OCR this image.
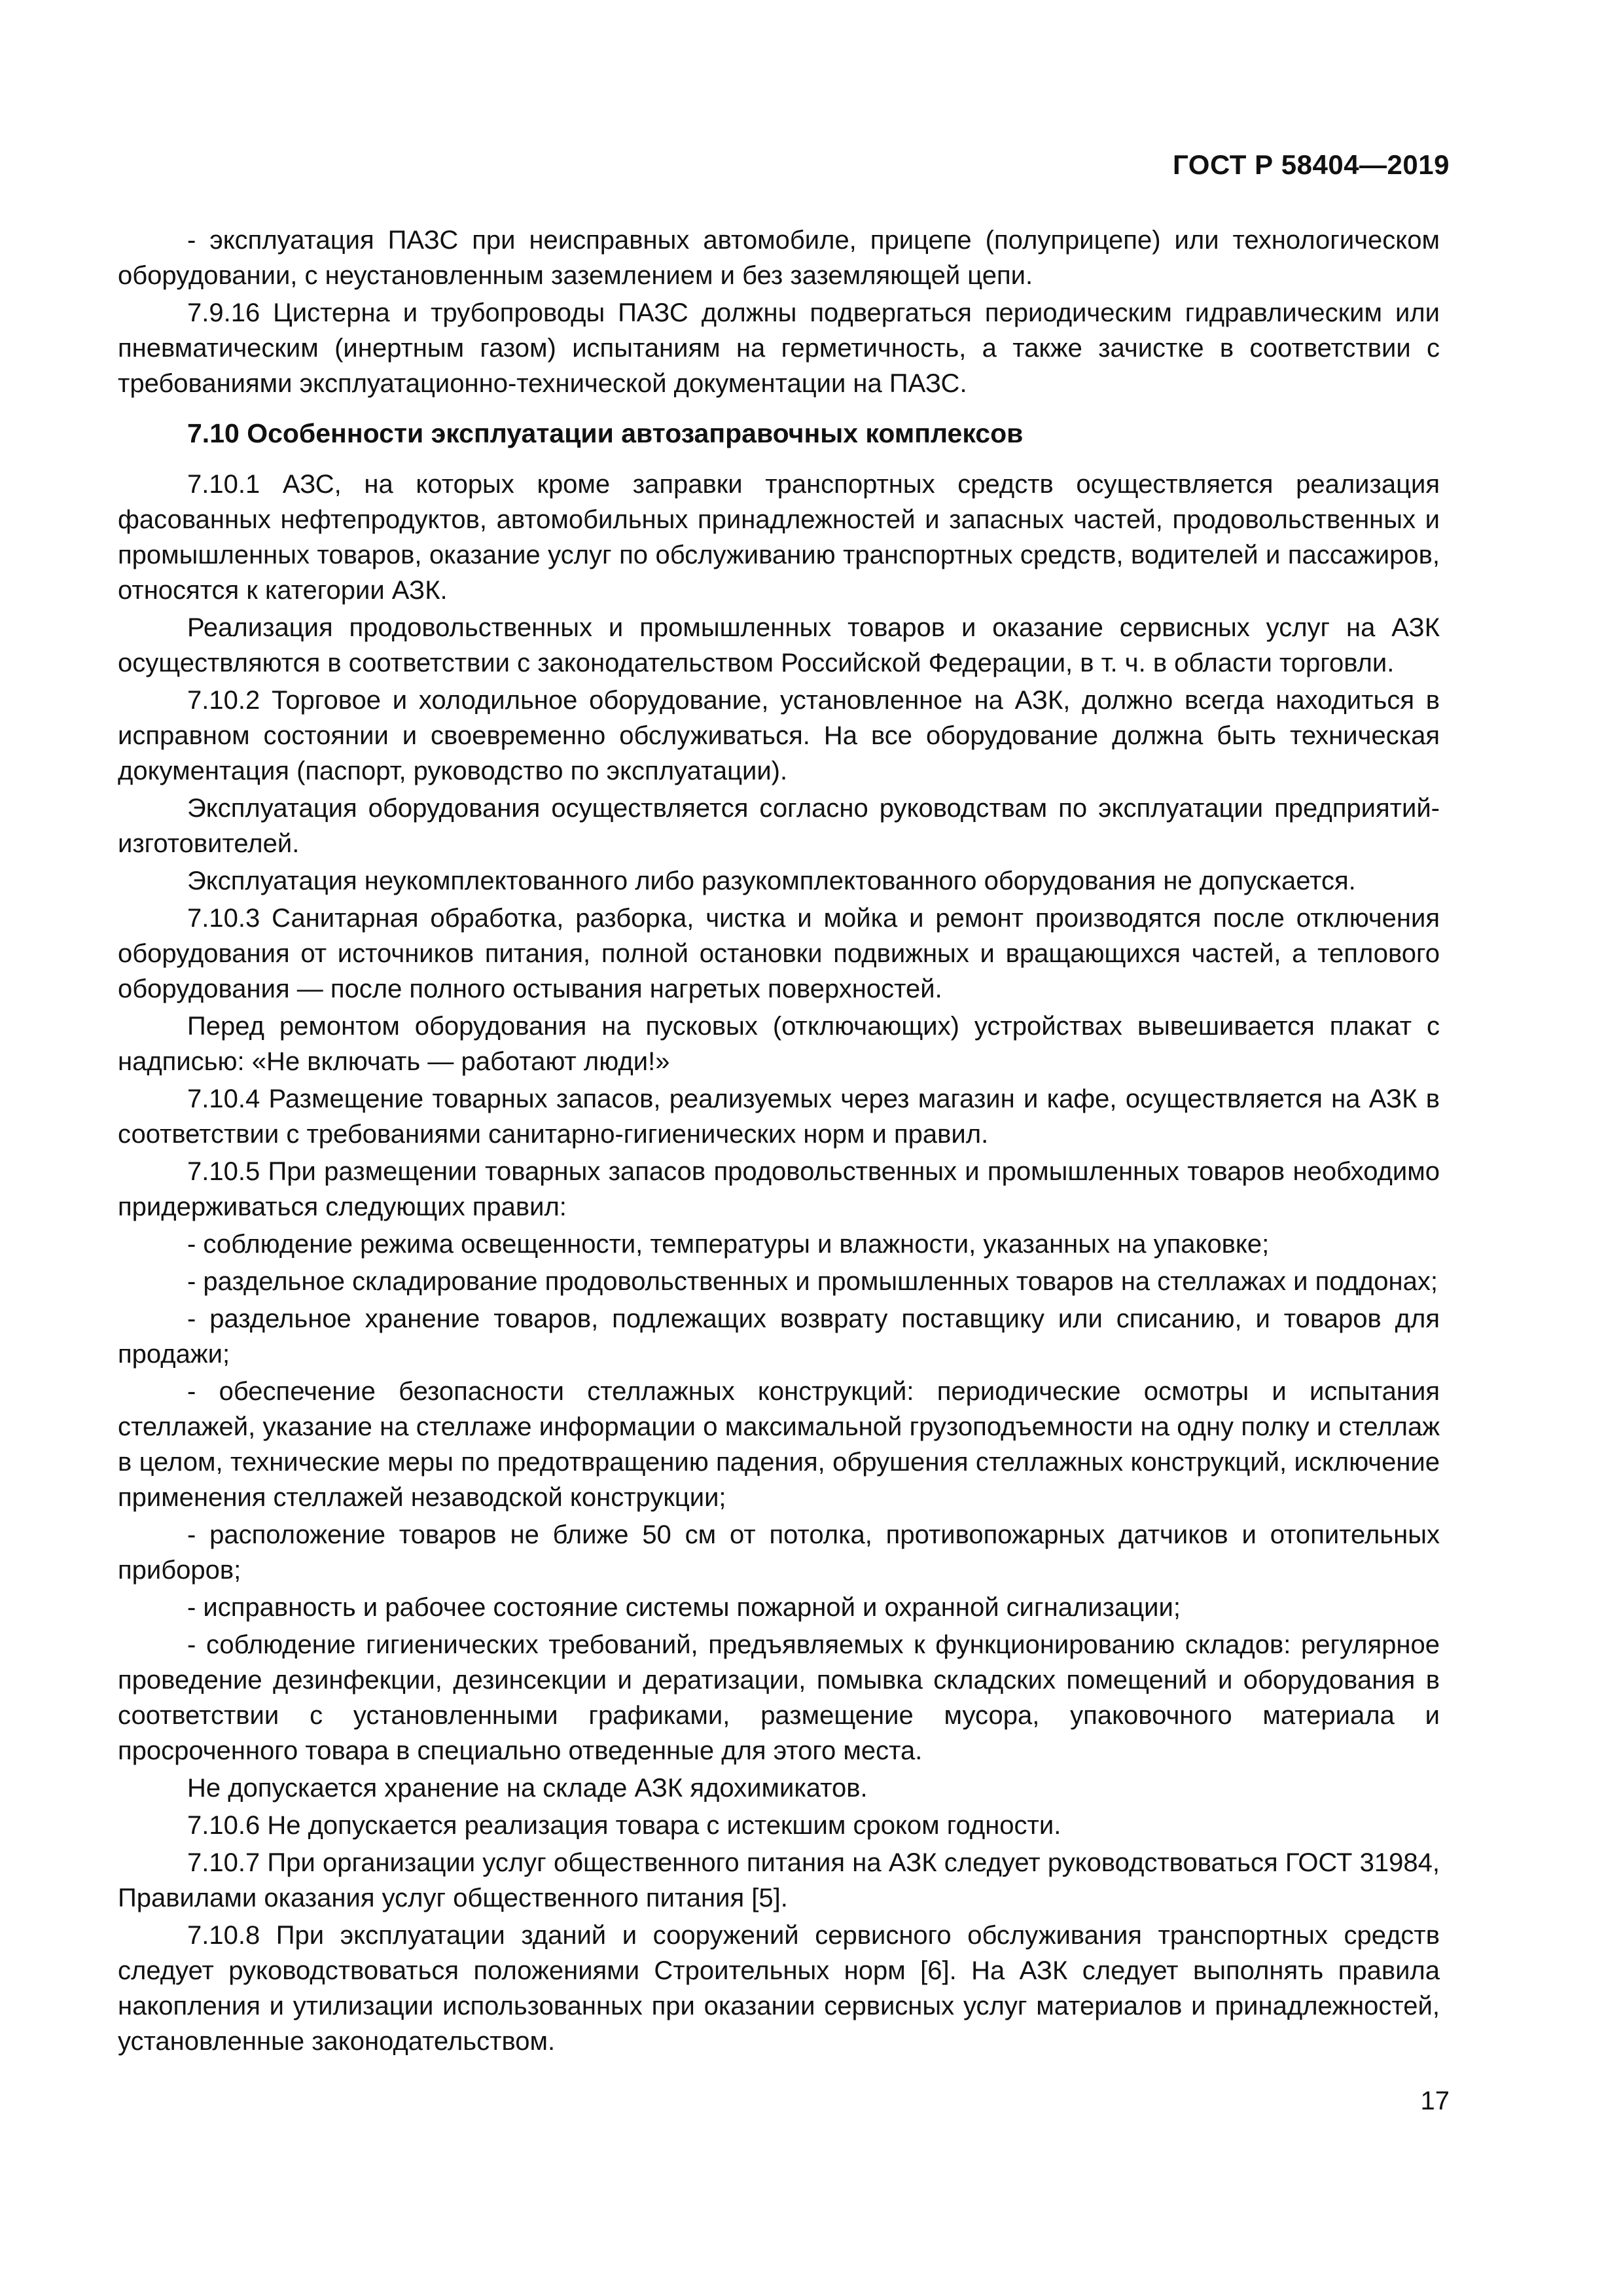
ГОСТ Р 58404—2019

- эксплуатация ПАЗС при неисправных автомобиле, прицепе (полуприцепе) или технологическом оборудовании, с неустановленным заземлением и без заземляющей цепи.

7.9.16 Цистерна и трубопроводы ПАЗС должны подвергаться периодическим гидравлическим или пневматическим (инертным газом) испытаниям на герметичность, а также зачистке в соответствии с требованиями эксплуатационно-технической документации на ПАЗС.

7.10 Особенности эксплуатации автозаправочных комплексов

7.10.1 АЗС, на которых кроме заправки транспортных средств осуществляется реализация фасованных нефтепродуктов, автомобильных принадлежностей и запасных частей, продовольственных и промышленных товаров, оказание услуг по обслуживанию транспортных средств, водителей и пассажиров, относятся к категории АЗК.

Реализация продовольственных и промышленных товаров и оказание сервисных услуг на АЗК осуществляются в соответствии с законодательством Российской Федерации, в т. ч. в области торговли.

7.10.2 Торговое и холодильное оборудование, установленное на АЗК, должно всегда находиться в исправном состоянии и своевременно обслуживаться. На все оборудование должна быть техническая документация (паспорт, руководство по эксплуатации).

Эксплуатация оборудования осуществляется согласно руководствам по эксплуатации предприятий-изготовителей.

Эксплуатация неукомплектованного либо разукомплектованного оборудования не допускается.

7.10.3 Санитарная обработка, разборка, чистка и мойка и ремонт производятся после отключения оборудования от источников питания, полной остановки подвижных и вращающихся частей, а теплового оборудования — после полного остывания нагретых поверхностей.

Перед ремонтом оборудования на пусковых (отключающих) устройствах вывешивается плакат с надписью: «Не включать — работают люди!»

7.10.4 Размещение товарных запасов, реализуемых через магазин и кафе, осуществляется на АЗК в соответствии с требованиями санитарно-гигиенических норм и правил.

7.10.5 При размещении товарных запасов продовольственных и промышленных товаров необходимо придерживаться следующих правил:

- соблюдение режима освещенности, температуры и влажности, указанных на упаковке;

- раздельное складирование продовольственных и промышленных товаров на стеллажах и поддонах;

- раздельное хранение товаров, подлежащих возврату поставщику или списанию, и товаров для продажи;

- обеспечение безопасности стеллажных конструкций: периодические осмотры и испытания стеллажей, указание на стеллаже информации о максимальной грузоподъемности на одну полку и стеллаж в целом, технические меры по предотвращению падения, обрушения стеллажных конструкций, исключение применения стеллажей незаводской конструкции;

- расположение товаров не ближе 50 см от потолка, противопожарных датчиков и отопительных приборов;

- исправность и рабочее состояние системы пожарной и охранной сигнализации;

- соблюдение гигиенических требований, предъявляемых к функционированию складов: регулярное проведение дезинфекции, дезинсекции и дератизации, помывка складских помещений и оборудования в соответствии с установленными графиками, размещение мусора, упаковочного материала и просроченного товара в специально отведенные для этого места.

Не допускается хранение на складе АЗК ядохимикатов.

7.10.6 Не допускается реализация товара с истекшим сроком годности.

7.10.7 При организации услуг общественного питания на АЗК следует руководствоваться ГОСТ 31984, Правилами оказания услуг общественного питания [5].

7.10.8 При эксплуатации зданий и сооружений сервисного обслуживания транспортных средств следует руководствоваться положениями Строительных норм [6]. На АЗК следует выполнять правила накопления и утилизации использованных при оказании сервисных услуг материалов и принадлежностей, установленные законодательством.

17
